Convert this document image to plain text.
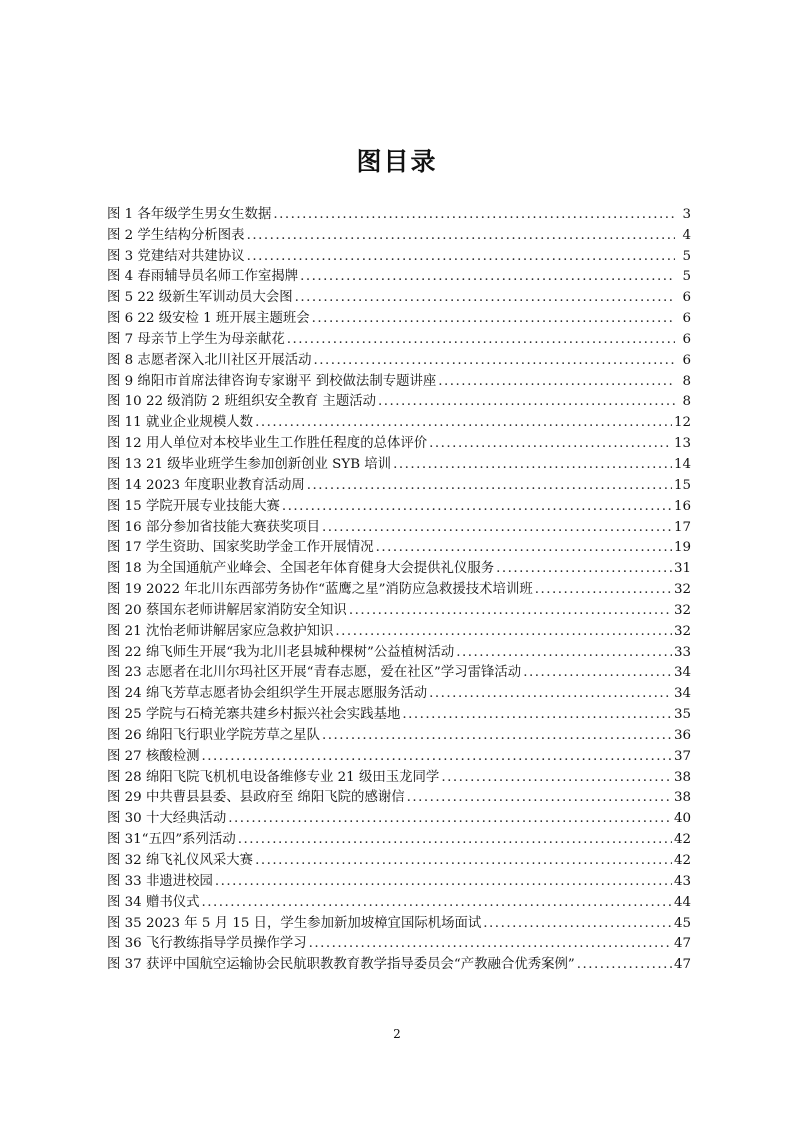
图目录
图 1 各年级学生男女生数据 .....	3
图 2 学生结构分析图表 .....	4
图 3 党建结对共建协议 .....	5
图 4 春雨辅导员名师工作室揭牌 .....	5
图 5 22 级新生军训动员大会图 .....	6
图 6 22 级安检 1 班开展主题班会 .....	6
图 7 母亲节上学生为母亲献花 .....	6
图 8 志愿者深入北川社区开展活动 .....	6
图 9 绵阳市首席法律咨询专家谢平 到校做法制专题讲座 .....	8
图 10 22 级消防 2 班组织安全教育 主题活动 .....	8
图 11 就业企业规模人数 .....	12
图 12 用人单位对本校毕业生工作胜任程度的总体评价 .....	13
图 13 21 级毕业班学生参加创新创业 SYB 培训 .....	14
图 14 2023 年度职业教育活动周 .....	15
图 15 学院开展专业技能大赛 .....	16
图 16 部分参加省技能大赛获奖项目 .....	17
图 17 学生资助、国家奖助学金工作开展情况 .....	19
图 18 为全国通航产业峰会、全国老年体育健身大会提供礼仪服务 .....	31
图 19 2022 年北川东西部劳务协作“蓝鹰之星”消防应急救援技术培训班 .....	32
图 20 蔡国东老师讲解居家消防安全知识 .....	32
图 21 沈怡老师讲解居家应急救护知识 .....	32
图 22 绵飞师生开展“我为北川老县城种棵树”公益植树活动 .....	33
图 23 志愿者在北川尔玛社区开展“青春志愿，爱在社区”学习雷锋活动 .....	34
图 24 绵飞芳草志愿者协会组织学生开展志愿服务活动 .....	34
图 25 学院与石椅羌寨共建乡村振兴社会实践基地 .....	35
图 26 绵阳飞行职业学院芳草之星队 .....	36
图 27 核酸检测 .....	37
图 28 绵阳飞院飞机机电设备维修专业 21 级田玉龙同学 .....	38
图 29 中共曹县县委、县政府至 绵阳飞院的感谢信 .....	38
图 30 十大经典活动 .....	40
图 31“五四”系列活动 .....	42
图 32 绵飞礼仪风采大赛 .....	42
图 33 非遗进校园 .....	43
图 34 赠书仪式 .....	44
图 35 2023 年 5 月 15 日，学生参加新加坡樟宜国际机场面试 .....	45
图 36 飞行教练指导学员操作学习 .....	47
图 37 获评中国航空运输协会民航职教教育教学指导委员会“产教融合优秀案例” .....	47
2
